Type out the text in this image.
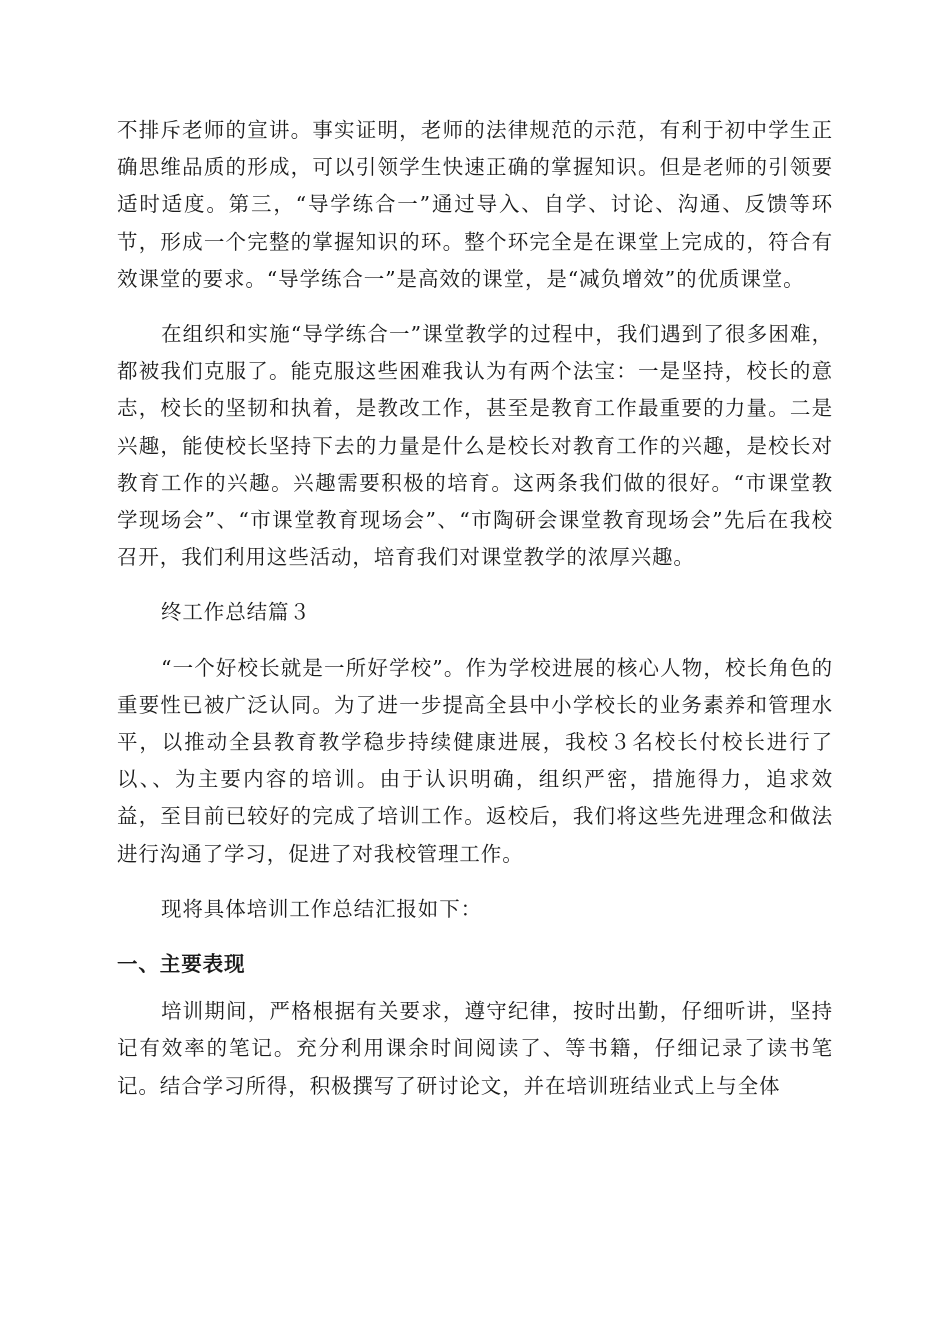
不排斥老师的宣讲。事实证明，老师的法律规范的示范，有利于初中学生正确思维品质的形成，可以引领学生快速正确的掌握知识。但是老师的引领要适时适度。第三，“导学练合一”通过导入、自学、讨论、沟通、反馈等环节，形成一个完整的掌握知识的环。整个环完全是在课堂上完成的，符合有效课堂的要求。“导学练合一”是高效的课堂，是“减负增效”的优质课堂。

在组织和实施“导学练合一”课堂教学的过程中，我们遇到了很多困难，都被我们克服了。能克服这些困难我认为有两个法宝：一是坚持，校长的意志，校长的坚韧和执着，是教改工作，甚至是教育工作最重要的力量。二是兴趣，能使校长坚持下去的力量是什么是校长对教育工作的兴趣，是校长对教育工作的兴趣。兴趣需要积极的培育。这两条我们做的很好。“市课堂教学现场会”、“市课堂教育现场会”、“市陶研会课堂教育现场会”先后在我校召开，我们利用这些活动，培育我们对课堂教学的浓厚兴趣。

终工作总结篇３

“一个好校长就是一所好学校”。作为学校进展的核心人物，校长角色的重要性已被广泛认同。为了进一步提高全县中小学校长的业务素养和管理水平，以推动全县教育教学稳步持续健康进展，我校３名校长付校长进行了以、、为主要内容的培训。由于认识明确，组织严密，措施得力，追求效益，至目前已较好的完成了培训工作。返校后，我们将这些先进理念和做法进行沟通了学习，促进了对我校管理工作。

现将具体培训工作总结汇报如下：

一、主要表现

培训期间，严格根据有关要求，遵守纪律，按时出勤，仔细听讲，坚持记有效率的笔记。充分利用课余时间阅读了、等书籍，仔细记录了读书笔记。结合学习所得，积极撰写了研讨论文，并在培训班结业式上与全体
